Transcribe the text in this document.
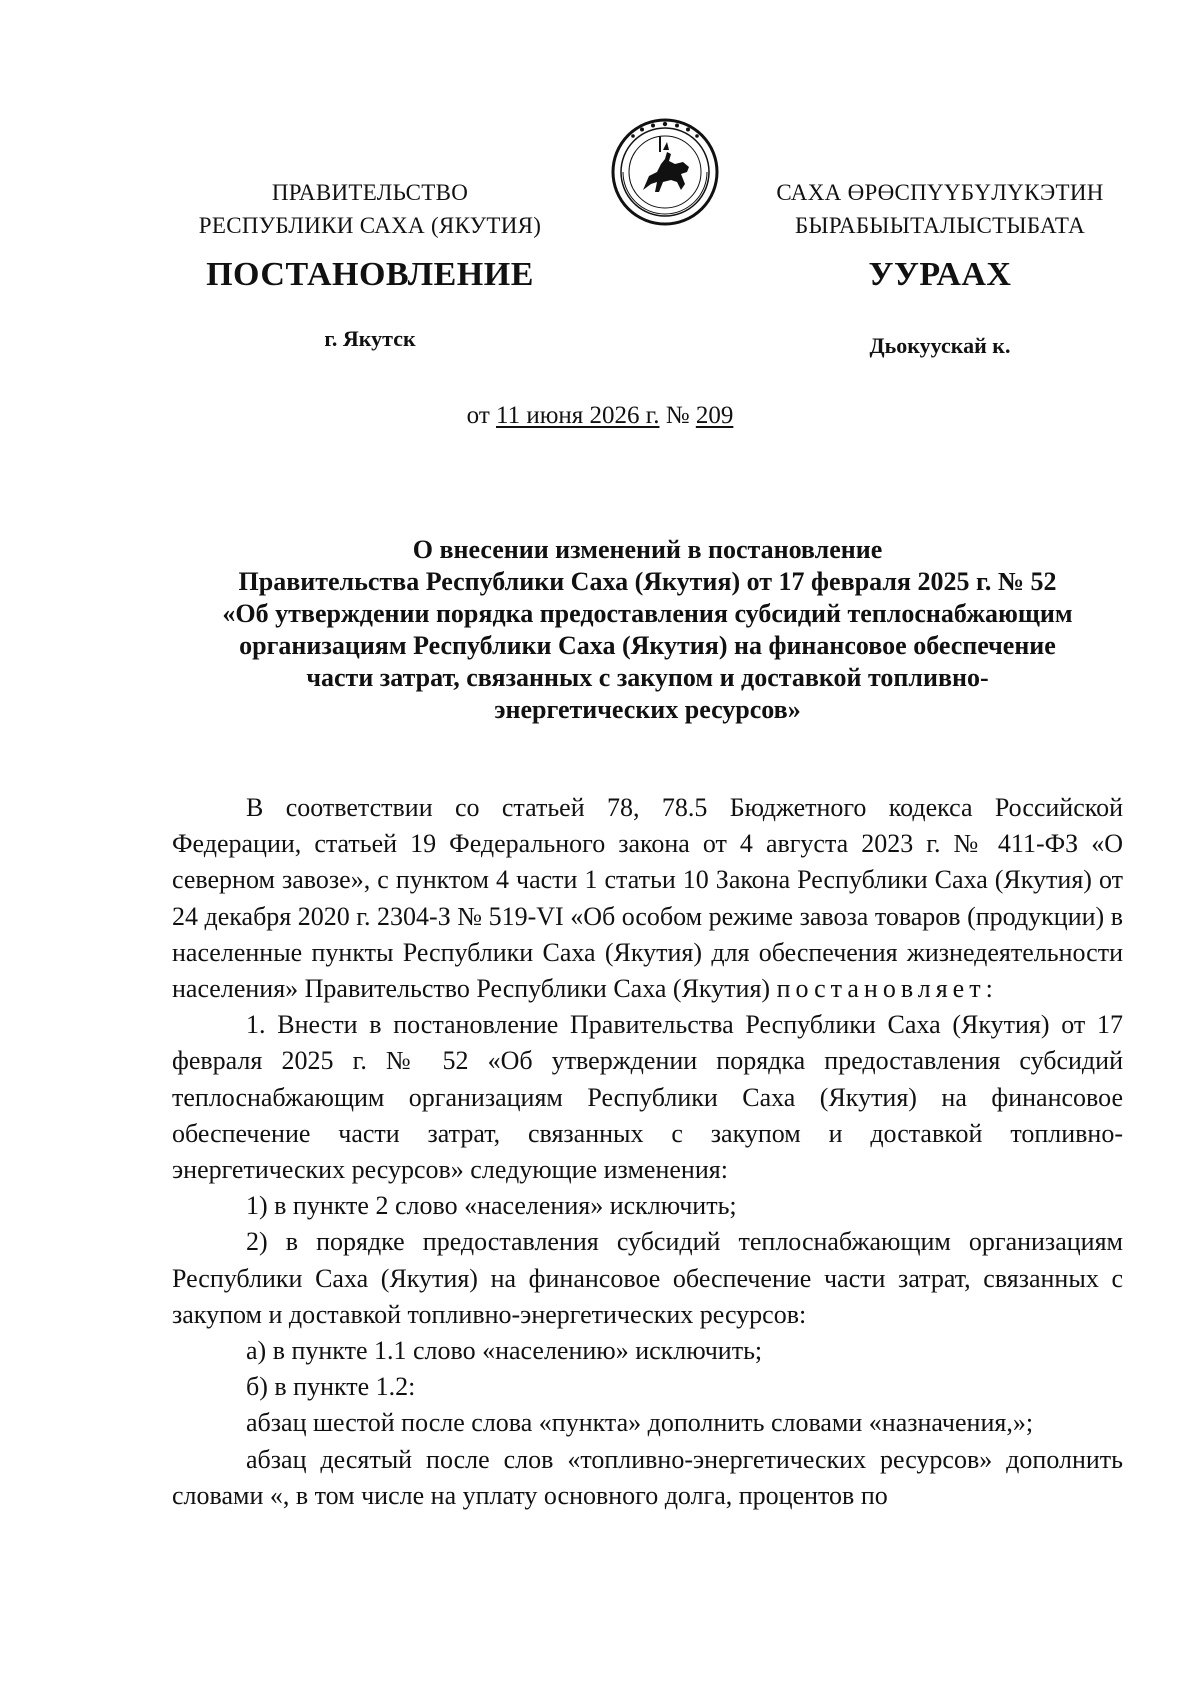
ПРАВИТЕЛЬСТВО
РЕСПУБЛИКИ САХА (ЯКУТИЯ)
САХА ӨРӨСПҮҮБҮЛҮКЭТИН
БЫРАБЫЫТАЛЫСТЫБАТА
ПОСТАНОВЛЕНИЕ	УУРААХ
г. Якутск	Дьокуускай к.
от 11 июня 2026 г. № 209
О внесении изменений в постановление
Правительства Республики Саха (Якутия) от 17 февраля 2025 г. № 52
«Об утверждении порядка предоставления субсидий теплоснабжающим
организациям Республики Саха (Якутия) на финансовое обеспечение
части затрат, связанных с закупом и доставкой топливно-
энергетических ресурсов»

В соответствии со статьей 78, 78.5 Бюджетного кодекса Российской Федерации, статьей 19 Федерального закона от 4 августа 2023 г. № 411-ФЗ «О северном завозе», с пунктом 4 части 1 статьи 10 Закона Республики Саха (Якутия) от 24 декабря 2020 г. 2304-З № 519-VI «Об особом режиме завоза товаров (продукции) в населенные пункты Республики Саха (Якутия) для обеспечения жизнедеятельности населения» Правительство Республики Саха (Якутия) постановляет:

1. Внести в постановление Правительства Республики Саха (Якутия) от 17 февраля 2025 г. № 52 «Об утверждении порядка предоставления субсидий теплоснабжающим организациям Республики Саха (Якутия) на финансовое обеспечение части затрат, связанных с закупом и доставкой топливно-энергетических ресурсов» следующие изменения:

1) в пункте 2 слово «населения» исключить;

2) в порядке предоставления субсидий теплоснабжающим организациям Республики Саха (Якутия) на финансовое обеспечение части затрат, связанных с закупом и доставкой топливно-энергетических ресурсов:

а) в пункте 1.1 слово «населению» исключить;

б) в пункте 1.2:

абзац шестой после слова «пункта» дополнить словами «назначения,»;

абзац десятый после слов «топливно-энергетических ресурсов» дополнить словами «, в том числе на уплату основного долга, процентов по
